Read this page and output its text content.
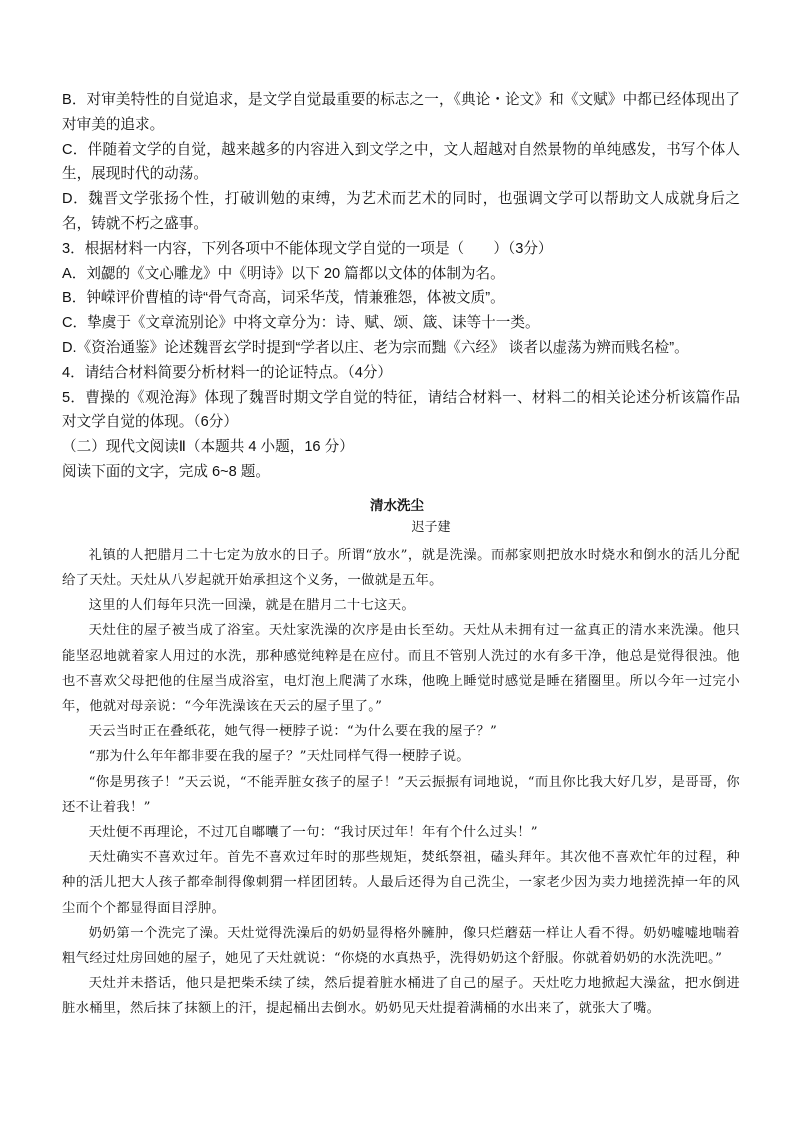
B．对审美特性的自觉追求，是文学自觉最重要的标志之一，《典论・论文》和《文赋》中都已经体现出了对审美的追求。

C．伴随着文学的自觉，越来越多的内容进入到文学之中，文人超越对自然景物的单纯感发，书写个体人生，展现时代的动荡。

D．魏晋文学张扬个性，打破训勉的束缚，为艺术而艺术的同时，也强调文学可以帮助文人成就身后之名，铸就不朽之盛事。

3．根据材料一内容，下列各项中不能体现文学自觉的一项是（　　）（3分）

A．刘勰的《文心雕龙》中《明诗》以下 20 篇都以文体的体制为名。

B．钟嵘评价曹植的诗“骨气奇高，词采华茂，情兼雅怨，体被文质”。

C．挚虞于《文章流别论》中将文章分为：诗、赋、颂、箴、诔等十一类。

D.《资治通鉴》论述魏晋玄学时提到“学者以庄、老为宗而黜《六经》 谈者以虚荡为辨而贱名检”。

4．请结合材料简要分析材料一的论证特点。（4分）

5．曹操的《观沧海》体现了魏晋时期文学自觉的特征，请结合材料一、材料二的相关论述分析该篇作品对文学自觉的体现。（6分）

（二）现代文阅读Ⅱ（本题共 4 小题，16 分）

阅读下面的文字，完成 6~8 题。

清水洗尘
迟子建

礼镇的人把腊月二十七定为放水的日子。所谓“放水”，就是洗澡。而郝家则把放水时烧水和倒水的活儿分配给了天灶。天灶从八岁起就开始承担这个义务，一做就是五年。

这里的人们每年只洗一回澡，就是在腊月二十七这天。

天灶住的屋子被当成了浴室。天灶家洗澡的次序是由长至幼。天灶从未拥有过一盆真正的清水来洗澡。他只能坚忍地就着家人用过的水洗，那种感觉纯粹是在应付。而且不管别人洗过的水有多干净，他总是觉得很浊。他也不喜欢父母把他的住屋当成浴室，电灯泡上爬满了水珠，他晚上睡觉时感觉是睡在猪圈里。所以今年一过完小年，他就对母亲说：“今年洗澡该在天云的屋子里了。”

天云当时正在叠纸花，她气得一梗脖子说：“为什么要在我的屋子？”

“那为什么年年都非要在我的屋子？”天灶同样气得一梗脖子说。

“你是男孩子！”天云说，“不能弄脏女孩子的屋子！”天云振振有词地说，“而且你比我大好几岁，是哥哥，你还不让着我！”

天灶便不再理论，不过兀自嘟囔了一句：“我讨厌过年！年有个什么过头！”

天灶确实不喜欢过年。首先不喜欢过年时的那些规矩，焚纸祭祖，磕头拜年。其次他不喜欢忙年的过程，种种的活儿把大人孩子都牵制得像刺猬一样团团转。人最后还得为自己洗尘，一家老少因为卖力地搓洗掉一年的风尘而个个都显得面目浮肿。

奶奶第一个洗完了澡。天灶觉得洗澡后的奶奶显得格外臃肿，像只烂蘑菇一样让人看不得。奶奶嘘嘘地喘着粗气经过灶房回她的屋子，她见了天灶就说：“你烧的水真热乎，洗得奶奶这个舒服。你就着奶奶的水洗洗吧。”

天灶并未搭话，他只是把柴禾续了续，然后提着脏水桶进了自己的屋子。天灶吃力地掀起大澡盆，把水倒进脏水桶里，然后抹了抹额上的汗，提起桶出去倒水。奶奶见天灶提着满桶的水出来了，就张大了嘴。
